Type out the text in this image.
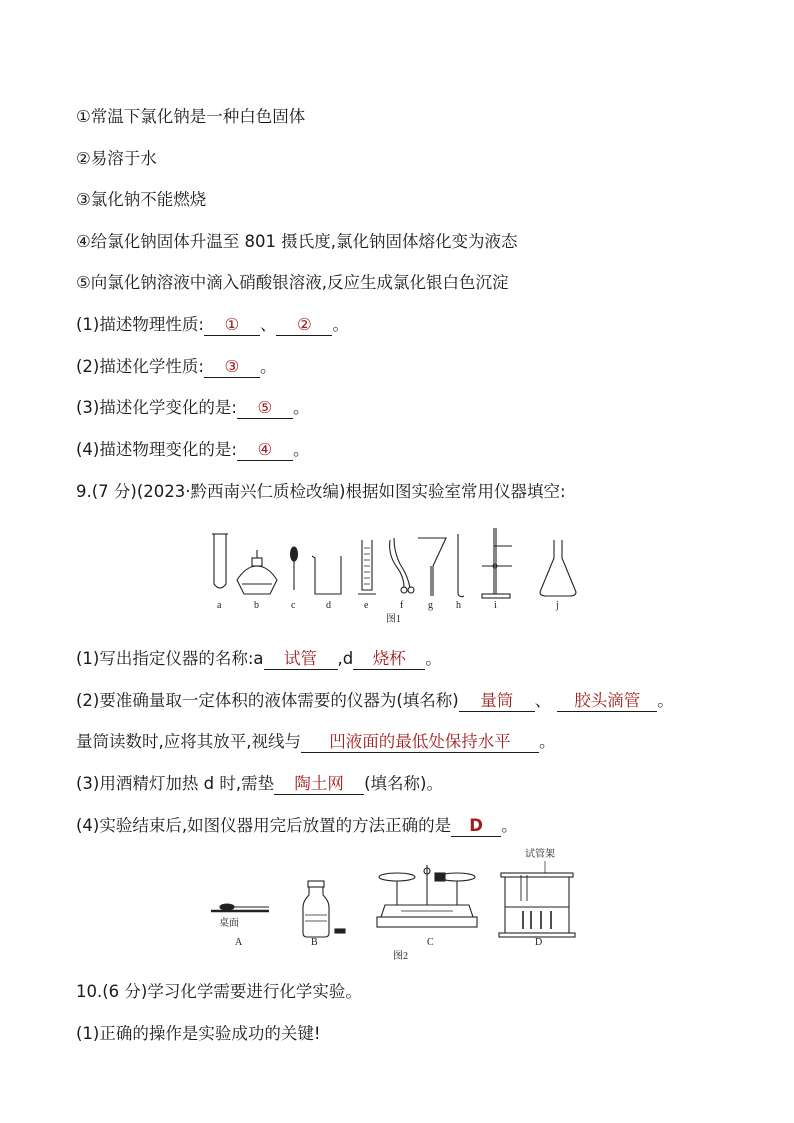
①常温下氯化钠是一种白色固体
②易溶于水
③氯化钠不能燃烧
④给氯化钠固体升温至 801 摄氏度,氯化钠固体熔化变为液态
⑤向氯化钠溶液中滴入硝酸银溶液,反应生成氯化银白色沉淀
(1)描述物理性质: ① 、 ② 。
(2)描述化学性质: ③ 。
(3)描述化学变化的是: ⑤ 。
(4)描述物理变化的是: ④ 。
9.(7 分)(2023·黔西南兴仁质检改编)根据如图实验室常用仪器填空:
a	b	c	d	e	f g h	i	j
图1
(1)写出指定仪器的名称:a 试管 ,d 烧杯 。
(2)要准确量取一定体积的液体需要的仪器为(填名称) 量筒 、 胶头滴管 。
量筒读数时,应将其放平,视线与 凹液面的最低处保持水平 。
(3)用酒精灯加热 d 时,需垫 陶土网 (填名称)。
(4)实验结束后,如图仪器用完后放置的方法正确的是 D 。
桌面
试管架
A	B	C	D
图2
10.(6 分)学习化学需要进行化学实验。
(1)正确的操作是实验成功的关键!
